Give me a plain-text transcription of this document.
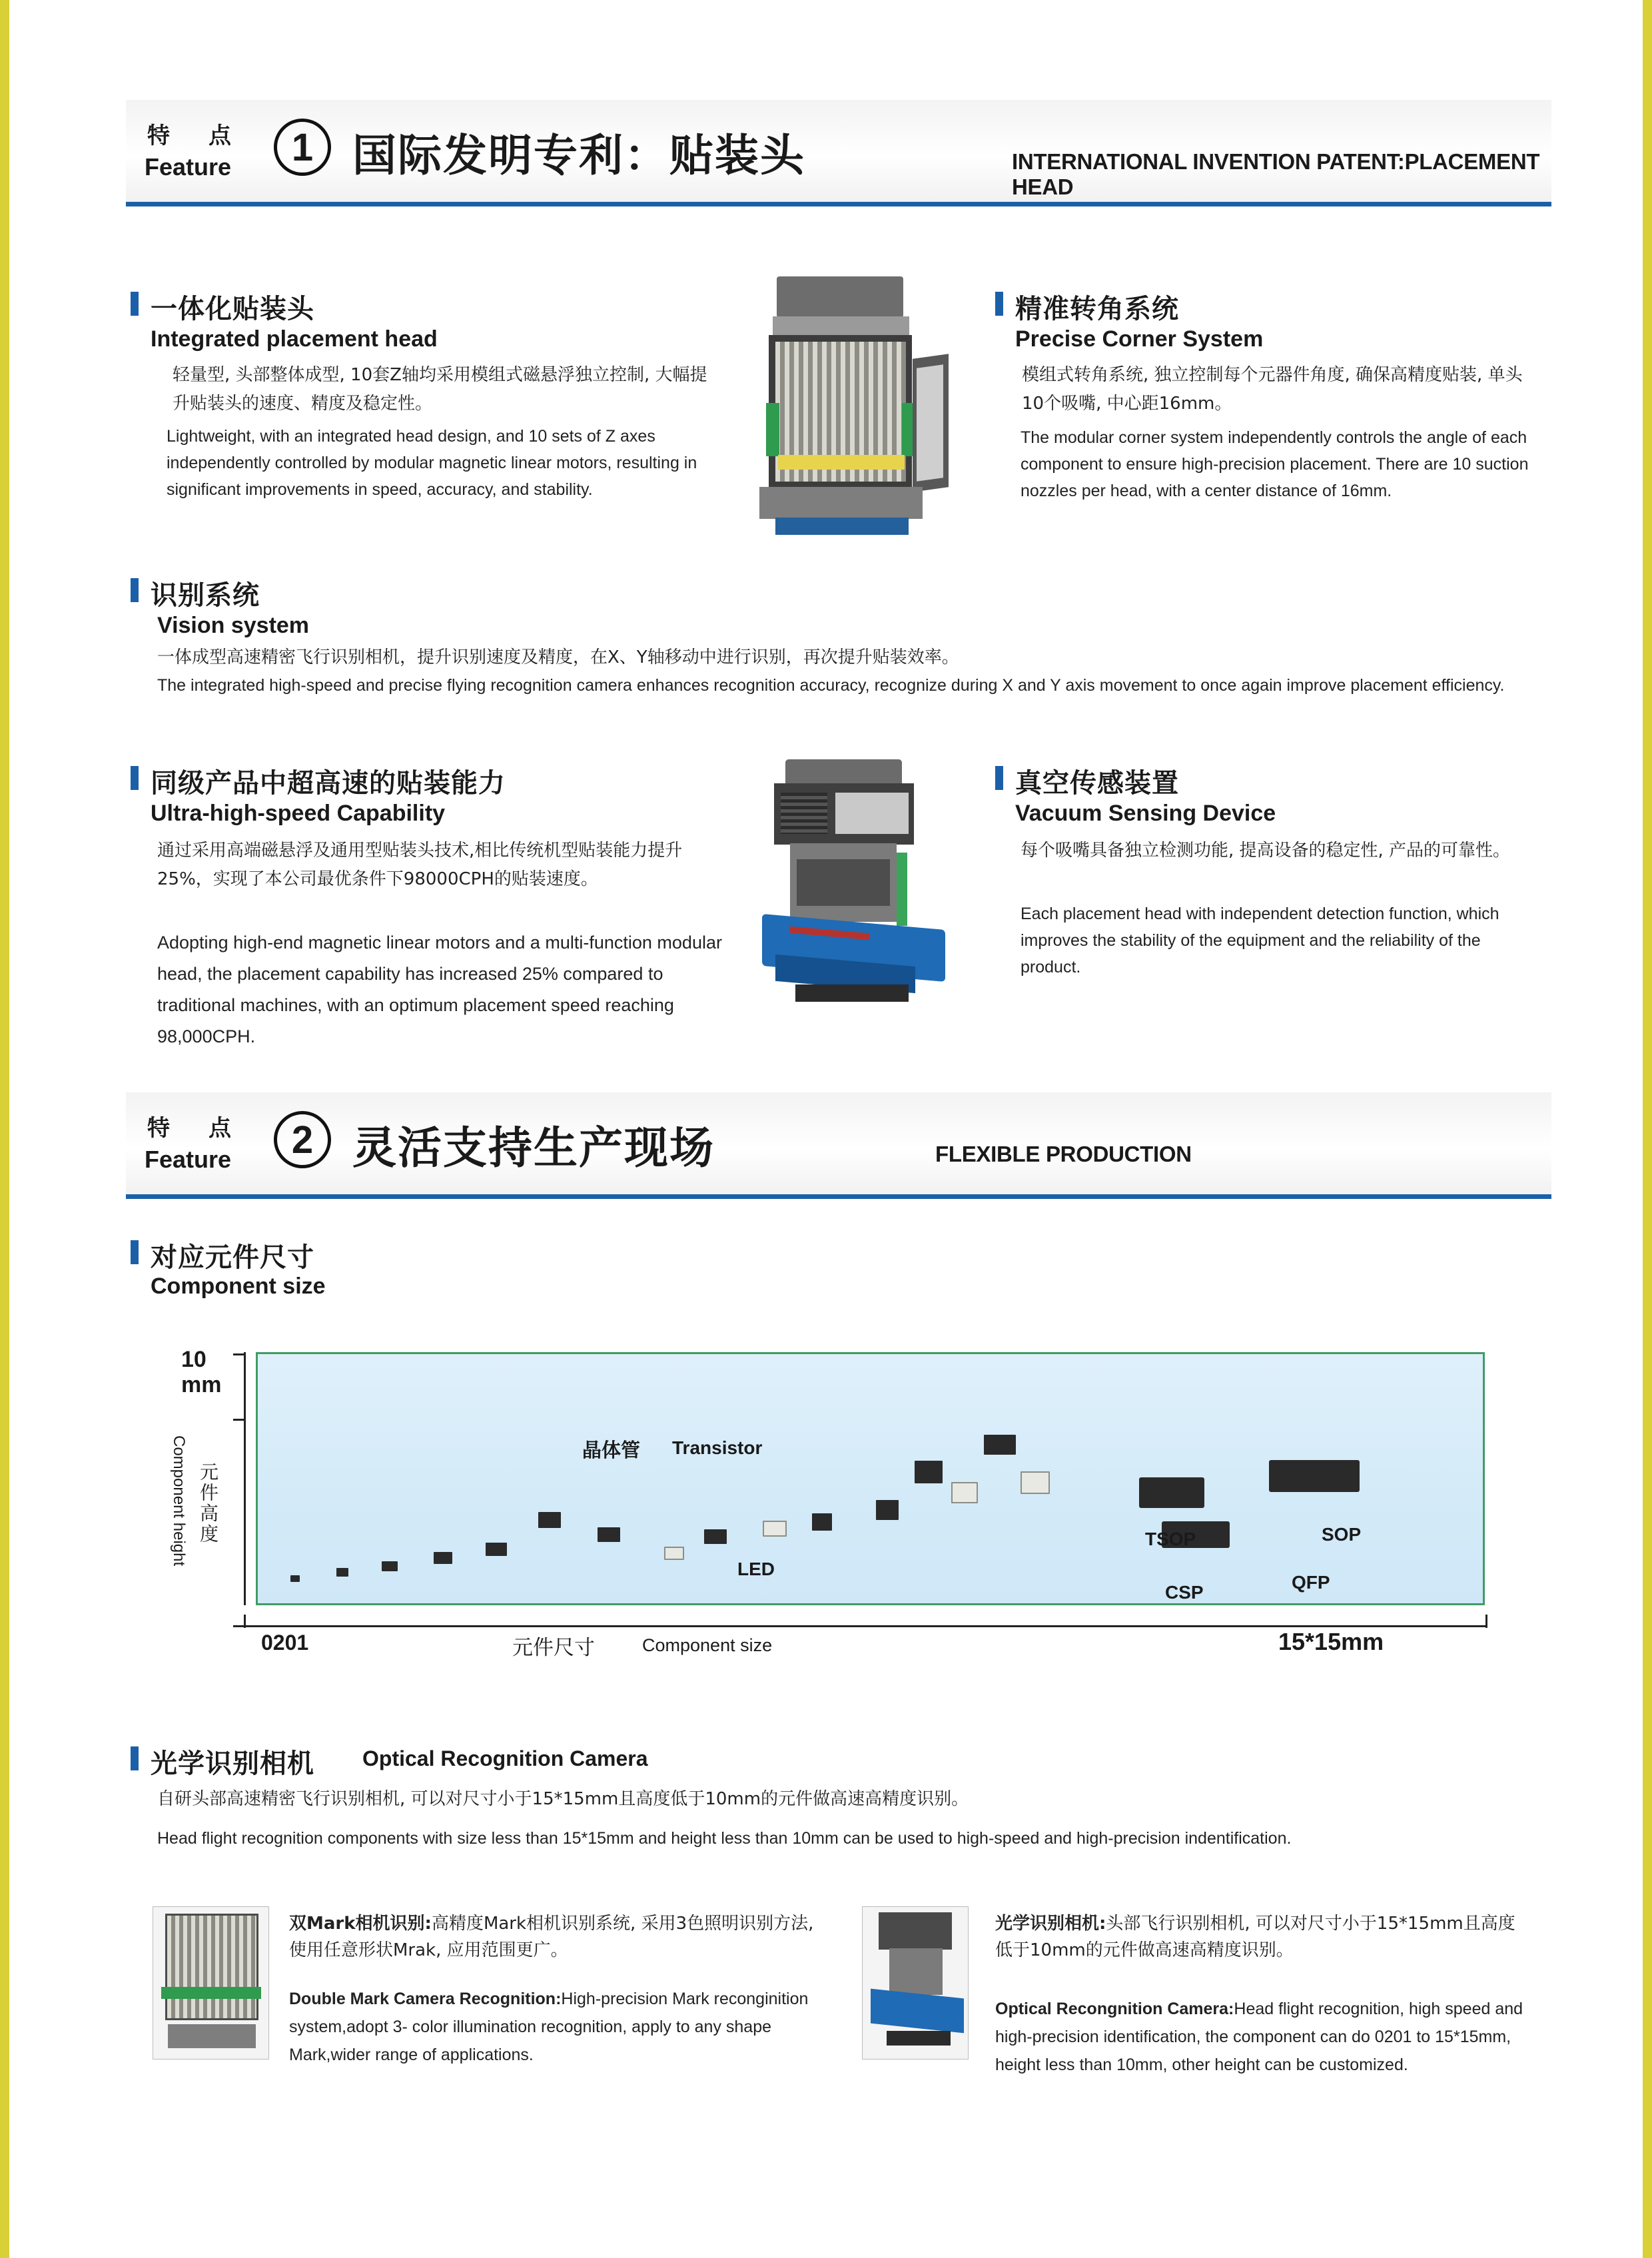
特　点
Feature	1 国际发明专利：贴装头	INTERNATIONAL INVENTION PATENT:PLACEMENT HEAD
一体化贴装头
Integrated placement head
轻量型, 头部整体成型, 10套Z轴均采用模组式磁悬浮独立控制, 大幅提升贴装头的速度、精度及稳定性。
Lightweight, with an integrated head design, and 10 sets of Z axes independently controlled by modular magnetic linear motors, resulting in significant improvements in speed, accuracy, and stability.
精准转角系统
Precise Corner System
模组式转角系统, 独立控制每个元器件角度, 确保高精度贴装, 单头10个吸嘴, 中心距16mm。
The modular corner system independently controls the angle of each component to ensure high-precision placement. There are 10 suction nozzles per head, with a center distance of 16mm.
识别系统
Vision system
一体成型高速精密飞行识别相机，提升识别速度及精度，在X、Y轴移动中进行识别，再次提升贴装效率。
The integrated high-speed and precise flying recognition camera enhances recognition accuracy, recognize during X and Y axis movement to once again improve placement efficiency.
同级产品中超高速的贴装能力
Ultra-high-speed Capability
通过采用高端磁悬浮及通用型贴装头技术,相比传统机型贴装能力提升25%，实现了本公司最优条件下98000CPH的贴装速度。
Adopting high-end magnetic linear motors and a multi-function modular head, the placement capability has increased 25% compared to traditional machines, with an optimum placement speed reaching 98,000CPH.
真空传感装置
Vacuum Sensing Device
每个吸嘴具备独立检测功能, 提高设备的稳定性, 产品的可靠性。
Each placement head with independent detection function, which improves the stability of the equipment and the reliability of the product.
特　点
Feature	2 灵活支持生产现场	FLEXIBLE PRODUCTION
对应元件尺寸
Component size
10
mm
元件高度
Component height	晶体管 Transistor
LED
TSOP
CSP	QFP
SOP
0201	元件尺寸	Component size	15*15mm
光学识别相机 Optical Recognition Camera
自研头部高速精密飞行识别相机, 可以对尺寸小于15*15mm且高度低于10mm的元件做高速高精度识别。
Head flight recognition components with size less than 15*15mm and height less than 10mm can be used to high-speed and high-precision indentification.
双Mark相机识别:高精度Mark相机识别系统, 采用3色照明识别方法, 使用任意形状Mrak, 应用范围更广。
Double Mark Camera Recognition:High-precision Mark reconginition system,adopt 3- color illumination recognition, apply to any shape Mark,wider range of applications.
光学识别相机:头部飞行识别相机, 可以对尺寸小于15*15mm且高度低于10mm的元件做高速高精度识别。
Optical Recongnition Camera:Head flight recognition, high speed and high-precision identification, the component can do 0201 to 15*15mm, height less than 10mm, other height can be customized.
